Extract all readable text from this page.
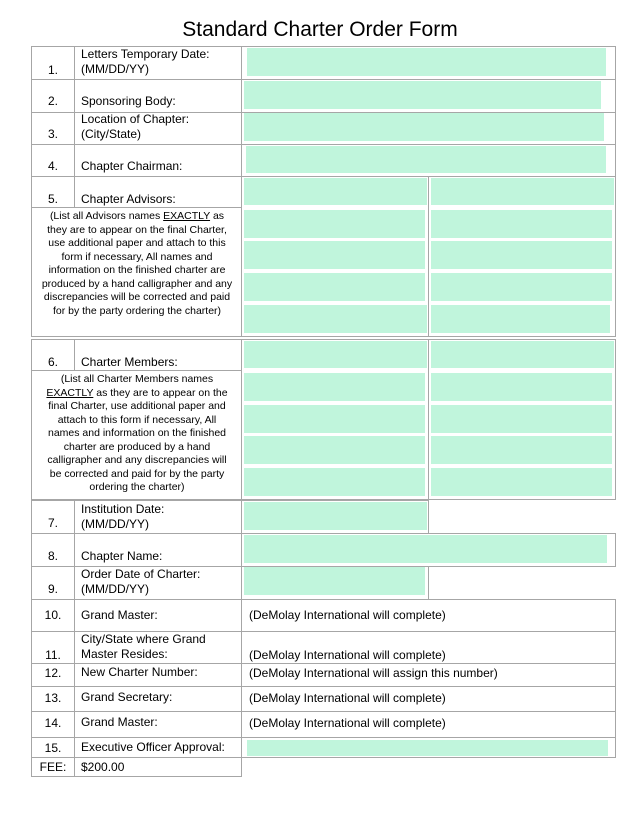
Standard Charter Order Form
1.
Letters Temporary Date:
(MM/DD/YY)
2.	Sponsoring Body:
3.
Location of Chapter:
(City/State)
4.	Chapter Chairman:
5.	Chapter Advisors:
(List all Advisors names EXACTLY as
they are to appear on the final Charter,
use additional paper and attach to this
form if necessary, All names and
information on the finished charter are
produced by a hand calligrapher and any
discrepancies will be corrected and paid
for by the party ordering the charter)
6.	Charter Members:
(List all Charter Members names
EXACTLY as they are to appear on the
final Charter, use additional paper and
attach to this form if necessary, All
names and information on the finished
charter are produced by a hand
calligrapher and any discrepancies will
be corrected and paid for by the party
ordering the charter)
7.
Institution Date:
(MM/DD/YY)
8.	Chapter Name:
9.
Order Date of Charter:
(MM/DD/YY)
10.	Grand Master:	(DeMolay International will complete)
11.
City/State where Grand
Master Resides:	(DeMolay International will complete)
12.	New Charter Number:	(DeMolay International will assign this number)
13.	Grand Secretary:	(DeMolay International will complete)
14.	Grand Master:	(DeMolay International will complete)
15.	Executive Officer Approval:
FEE:	$200.00
